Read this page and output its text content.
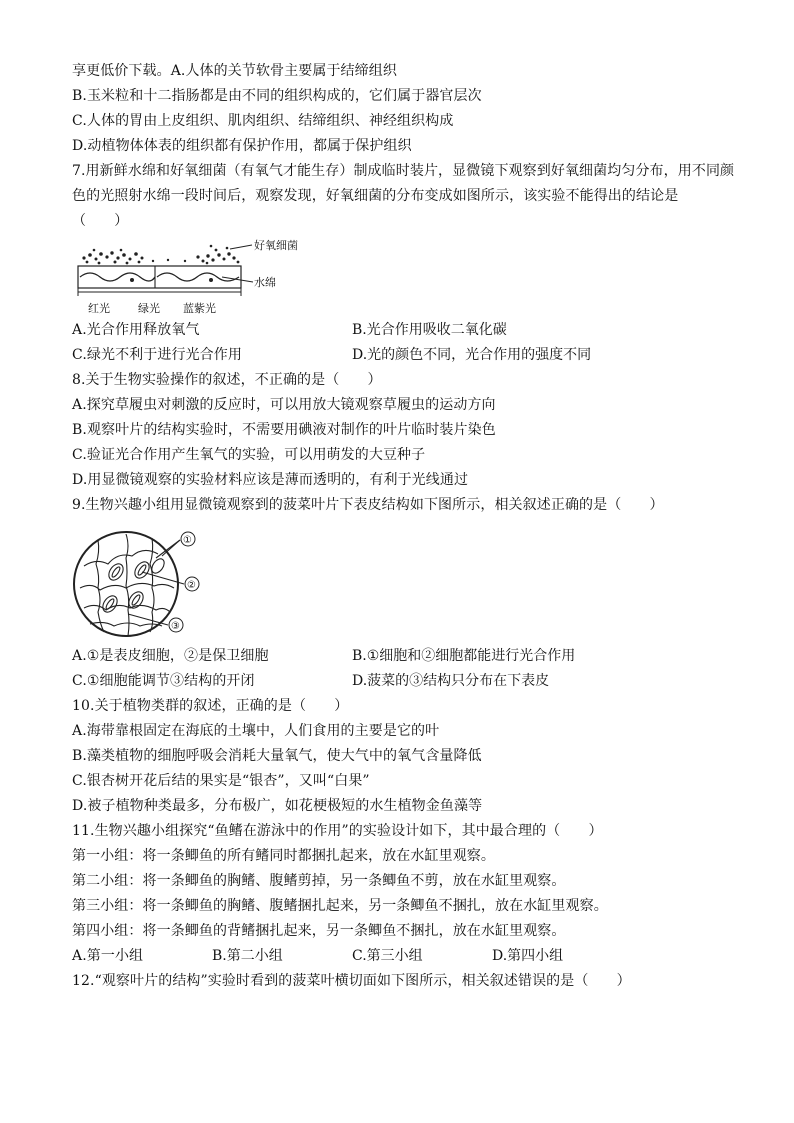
享更低价下载。A.人体的关节软骨主要属于结缔组织
B.玉米粒和十二指肠都是由不同的组织构成的，它们属于器官层次
C.人体的胃由上皮组织、肌肉组织、结缔组织、神经组织构成
D.动植物体体表的组织都有保护作用，都属于保护组织
7.用新鲜水绵和好氧细菌（有氧气才能生存）制成临时装片，显微镜下观察到好氧细菌均匀分布，用不同颜
色的光照射水绵一段时间后，观察发现，好氧细菌的分布变成如图所示，该实验不能得出的结论是
（　　）
好氧细菌
水绵
红光	绿光 蓝紫光
A.光合作用释放氧气	B.光合作用吸收二氧化碳
C.绿光不利于进行光合作用	D.光的颜色不同，光合作用的强度不同
8.关于生物实验操作的叙述，不正确的是（　　）
A.探究草履虫对刺激的反应时，可以用放大镜观察草履虫的运动方向
B.观察叶片的结构实验时，不需要用碘液对制作的叶片临时装片染色
C.验证光合作用产生氧气的实验，可以用萌发的大豆种子
D.用显微镜观察的实验材料应该是薄而透明的，有利于光线通过
9.生物兴趣小组用显微镜观察到的菠菜叶片下表皮结构如下图所示，相关叙述正确的是（　　）
①
②
③
A.①是表皮细胞，②是保卫细胞	B.①细胞和②细胞都能进行光合作用
C.①细胞能调节③结构的开闭	D.菠菜的③结构只分布在下表皮
10.关于植物类群的叙述，正确的是（　　）
A.海带靠根固定在海底的土壤中，人们食用的主要是它的叶
B.藻类植物的细胞呼吸会消耗大量氧气，使大气中的氧气含量降低
C.银杏树开花后结的果实是“银杏”，又叫“白果”
D.被子植物种类最多，分布极广，如花梗极短的水生植物金鱼藻等
11.生物兴趣小组探究“鱼鳍在游泳中的作用”的实验设计如下，其中最合理的（　　）
第一小组：将一条鲫鱼的所有鳍同时都捆扎起来，放在水缸里观察。
第二小组：将一条鲫鱼的胸鳍、腹鳍剪掉，另一条鲫鱼不剪，放在水缸里观察。
第三小组：将一条鲫鱼的胸鳍、腹鳍捆扎起来，另一条鲫鱼不捆扎，放在水缸里观察。
第四小组：将一条鲫鱼的背鳍捆扎起来，另一条鲫鱼不捆扎，放在水缸里观察。
A.第一小组	B.第二小组	C.第三小组	D.第四小组
12.“观察叶片的结构”实验时看到的菠菜叶横切面如下图所示，相关叙述错误的是（　　）
